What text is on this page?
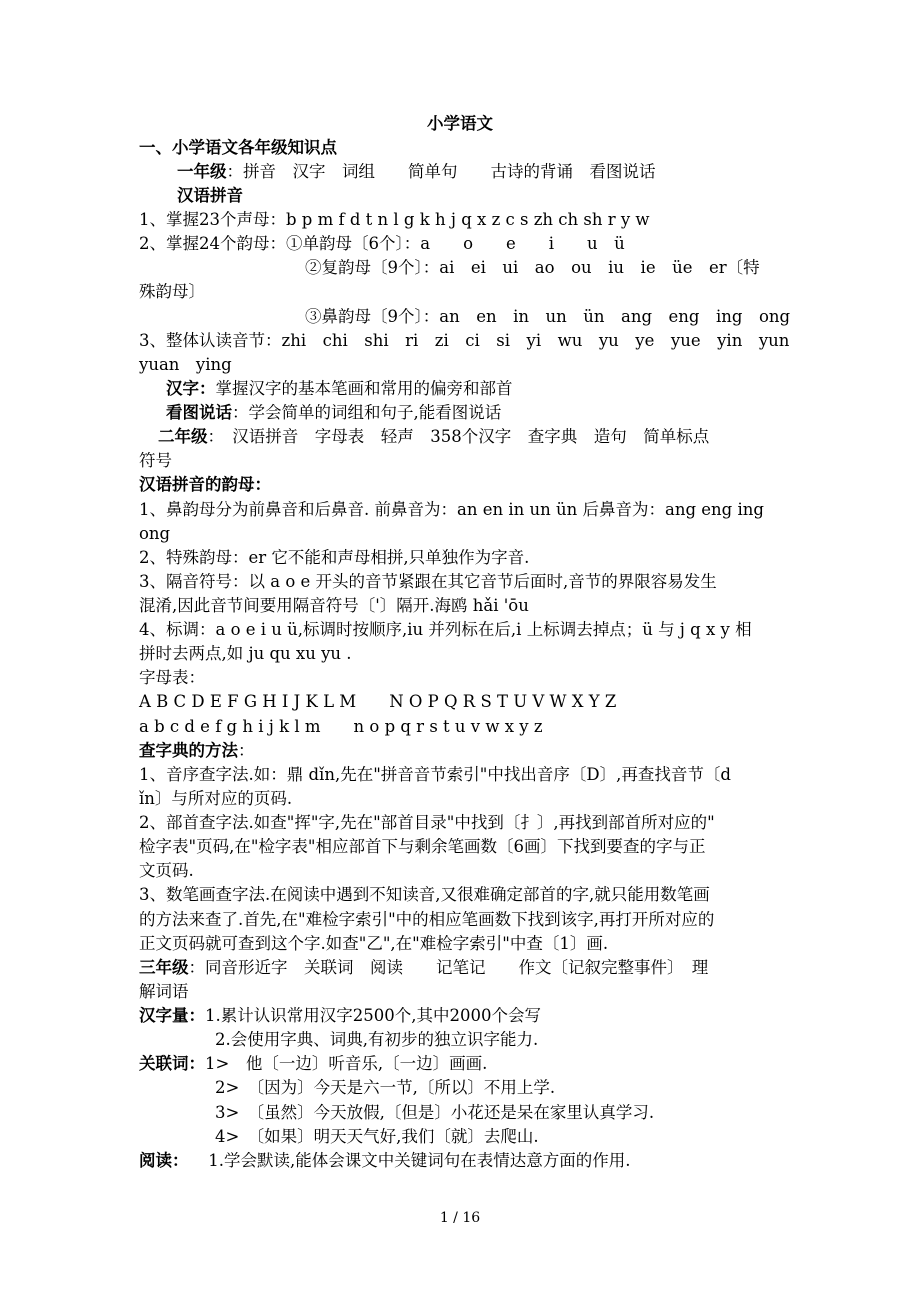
小学语文
一、小学语文各年级知识点
一年级：拼音　汉字　词组　　简单句　　古诗的背诵　看图说话
汉语拼音
1、掌握23个声母：b p m f d t n l g k h j q x z c s zh ch sh r y w
2、掌握24个韵母：①单韵母〔6个〕：a　　o　　e　　i　　u　ü
②复韵母〔9个〕：ai　ei　ui　ao　ou　iu　ie　üe　er〔特
殊韵母〕
③鼻韵母〔9个〕：an　en　in　un　ün　ang　eng　ing　ong
3、整体认读音节：zhi　chi　shi　ri　zi　ci　si　yi　wu　yu　ye　yue　yin　yun
yuan　ying
汉字：掌握汉字的基本笔画和常用的偏旁和部首
看图说话：学会简单的词组和句子,能看图说话
二年级：　汉语拼音　字母表　轻声　358个汉字　查字典　造句　简单标点
符号
汉语拼音的韵母：
1、鼻韵母分为前鼻音和后鼻音. 前鼻音为：an en in un ün 后鼻音为：ang eng ing
ong
2、特殊韵母：er 它不能和声母相拼,只单独作为字音.
3、隔音符号：以 a o e 开头的音节紧跟在其它音节后面时,音节的界限容易发生
混淆,因此音节间要用隔音符号〔'〕隔开.海鸥 hǎi 'ōu
4、标调：a o e i u ü,标调时按顺序,iu 并列标在后,i 上标调去掉点；ü 与 j q x y 相
拼时去两点,如 ju qu xu yu .
字母表：
A B C D E F G H I J K L M　　N O P Q R S T U V W X Y Z
a b c d e f g h i j k l m　　n o p q r s t u v w x y z
查字典的方法：
1、音序查字法.如：鼎 dǐn,先在"拼音音节索引"中找出音序〔D〕,再查找音节〔d
ǐn〕与所对应的页码.
2、部首查字法.如查"挥"字,先在"部首目录"中找到〔扌〕,再找到部首所对应的"
检字表"页码,在"检字表"相应部首下与剩余笔画数〔6画〕下找到要查的字与正
文页码.
3、数笔画查字法.在阅读中遇到不知读音,又很难确定部首的字,就只能用数笔画
的方法来查了.首先,在"难检字索引"中的相应笔画数下找到该字,再打开所对应的
正文页码就可查到这个字.如查"乙",在"难检字索引"中查〔1〕画.
三年级：同音形近字　关联词　阅读　　记笔记　　作文〔记叙完整事件〕　理
解词语
汉字量：1.累计认识常用汉字2500个,其中2000个会写
2.会使用字典、词典,有初步的独立识字能力.
关联词：1>　他〔一边〕听音乐,〔一边〕画画.
2>　〔因为〕今天是六一节,〔所以〕不用上学.
3>　〔虽然〕今天放假,〔但是〕小花还是呆在家里认真学习.
4>　〔如果〕明天天气好,我们〔就〕去爬山.
阅读： 1.学会默读,能体会课文中关键词句在表情达意方面的作用.
1 / 16
